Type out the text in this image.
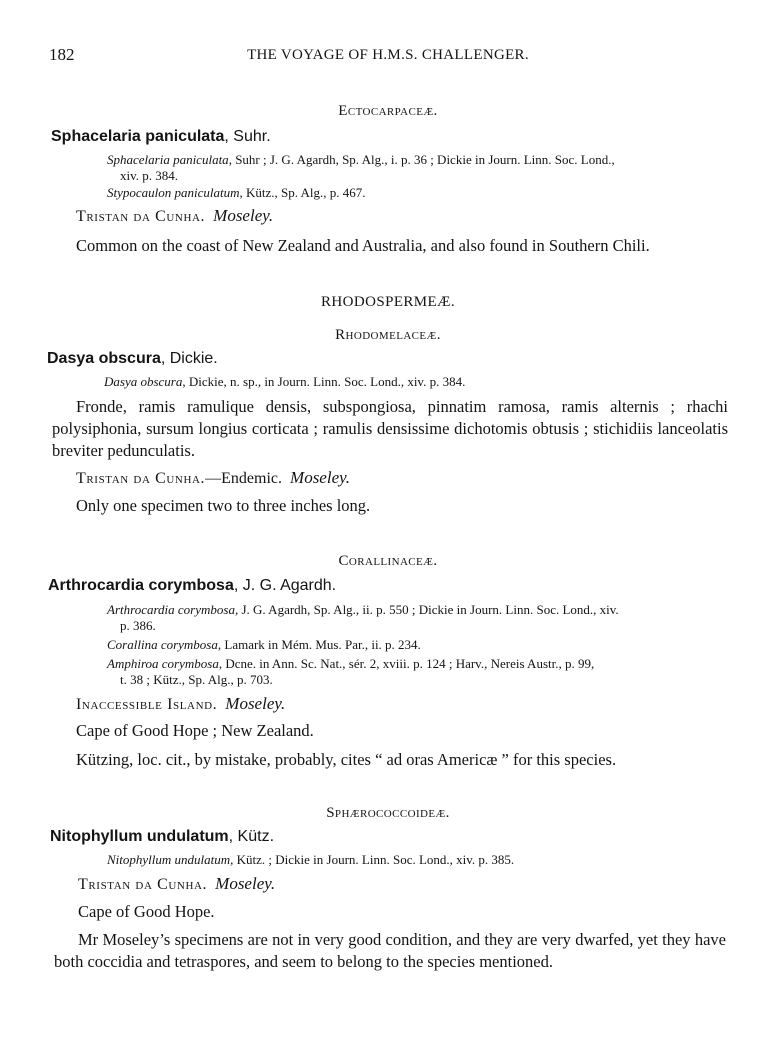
182	THE VOYAGE OF H.M.S. CHALLENGER.
Ectocarpaceæ.
Sphacelaria paniculata, Suhr.
Sphacelaria paniculata, Suhr ; J. G. Agardh, Sp. Alg., i. p. 36 ; Dickie in Journ. Linn. Soc. Lond.,
xiv. p. 384.
Stypocaulon paniculatum, Kütz., Sp. Alg., p. 467.
Tristan da Cunha. Moseley.
Common on the coast of New Zealand and Australia, and also found in Southern Chili.
RHODOSPERMEÆ.
Rhodomelaceæ.
Dasya obscura, Dickie.
Dasya obscura, Dickie, n. sp., in Journ. Linn. Soc. Lond., xiv. p. 384.
Fronde, ramis ramulique densis, subspongiosa, pinnatim ramosa, ramis alternis ; rhachi polysiphonia, sursum longius corticata ; ramulis densissime dichotomis obtusis ; stichidiis lanceolatis breviter pedunculatis.
Tristan da Cunha.—Endemic. Moseley.
Only one specimen two to three inches long.
Corallinaceæ.
Arthrocardia corymbosa, J. G. Agardh.
Arthrocardia corymbosa, J. G. Agardh, Sp. Alg., ii. p. 550 ; Dickie in Journ. Linn. Soc. Lond., xiv.
p. 386.
Corallina corymbosa, Lamark in Mém. Mus. Par., ii. p. 234.
Amphiroa corymbosa, Dcne. in Ann. Sc. Nat., sér. 2, xviii. p. 124 ; Harv., Nereis Austr., p. 99,
t. 38 ; Kütz., Sp. Alg., p. 703.
Inaccessible Island. Moseley.
Cape of Good Hope ; New Zealand.
Kützing, loc. cit., by mistake, probably, cites “ ad oras Americæ ” for this species.
Sphærococcoideæ.
Nitophyllum undulatum, Kütz.
Nitophyllum undulatum, Kütz. ; Dickie in Journ. Linn. Soc. Lond., xiv. p. 385.
Tristan da Cunha. Moseley.
Cape of Good Hope.
Mr Moseley’s specimens are not in very good condition, and they are very dwarfed, yet they have both coccidia and tetraspores, and seem to belong to the species mentioned.
